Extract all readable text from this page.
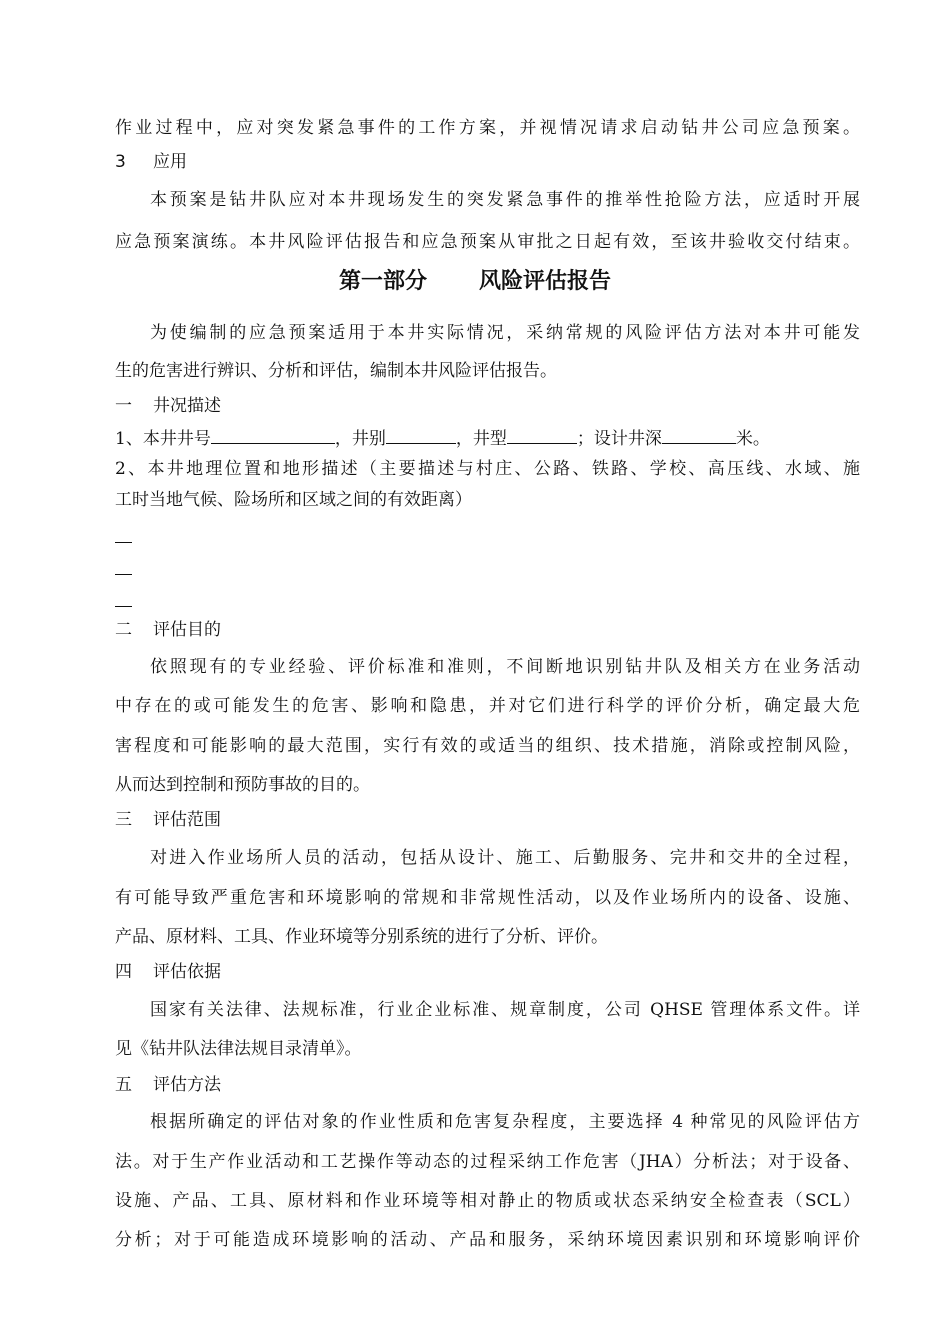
作业过程中，应对突发紧急事件的工作方案，并视情况请求启动钻井公司应急预案。
3 应用
本预案是钻井队应对本井现场发生的突发紧急事件的推举性抢险方法，应适时开展
应急预案演练。本井风险评估报告和应急预案从审批之日起有效，至该井验收交付结束。
第一部分 风险评估报告
为使编制的应急预案适用于本井实际情况，采纳常规的风险评估方法对本井可能发
生的危害进行辨识、分析和评估，编制本井风险评估报告。
一 井况描述
1、本井井号	，井别	，井型	；设计井深	米。
2、本井地理位置和地形描述（主要描述与村庄、公路、铁路、学校、高压线、水域、施
工时当地气候、险场所和区域之间的有效距离）
二 评估目的
依照现有的专业经验、评价标准和准则，不间断地识别钻井队及相关方在业务活动
中存在的或可能发生的危害、影响和隐患，并对它们进行科学的评价分析，确定最大危
害程度和可能影响的最大范围，实行有效的或适当的组织、技术措施，消除或控制风险，
从而达到控制和预防事故的目的。
三 评估范围
对进入作业场所人员的活动，包括从设计、施工、后勤服务、完井和交井的全过程，
有可能导致严重危害和环境影响的常规和非常规性活动，以及作业场所内的设备、设施、
产品、原材料、工具、作业环境等分别系统的进行了分析、评价。
四 评估依据
国家有关法律、法规标准，行业企业标准、规章制度，公司 QHSE 管理体系文件。详
见《钻井队法律法规目录清单》。
五 评估方法
根据所确定的评估对象的作业性质和危害复杂程度，主要选择 4 种常见的风险评估方
法。对于生产作业活动和工艺操作等动态的过程采纳工作危害（JHA）分析法；对于设备、
设施、产品、工具、原材料和作业环境等相对静止的物质或状态采纳安全检查表（SCL）
分析；对于可能造成环境影响的活动、产品和服务，采纳环境因素识别和环境影响评价
